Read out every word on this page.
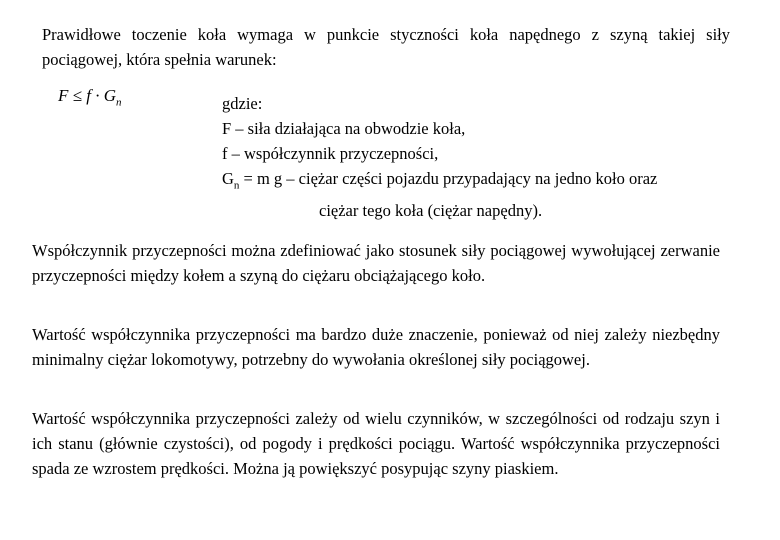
Prawidłowe toczenie koła wymaga w punkcie styczności koła napędnego z szyną takiej siły pociągowej, która spełnia warunek:
$F \le f \cdot G_n$	gdzie:
F – siła działająca na obwodzie koła,
f – współczynnik przyczepności,
$G_n = m$ g – ciężar części pojazdu przypadający na jedno koło oraz
ciężar tego koła (ciężar napędny).
Współczynnik przyczepności można zdefiniować jako stosunek siły pociągowej wywołującej zerwanie przyczepności między kołem a szyną do ciężaru obciążającego koło.
Wartość współczynnika przyczepności ma bardzo duże znaczenie, ponieważ od niej zależy niezbędny minimalny ciężar lokomotywy, potrzebny do wywołania określonej siły pociągowej.
Wartość współczynnika przyczepności zależy od wielu czynników, w szczególności od rodzaju szyn i ich stanu (głównie czystości), od pogody i prędkości pociągu. Wartość współczynnika przyczepności spada ze wzrostem prędkości. Można ją powiększyć posypując szyny piaskiem.
